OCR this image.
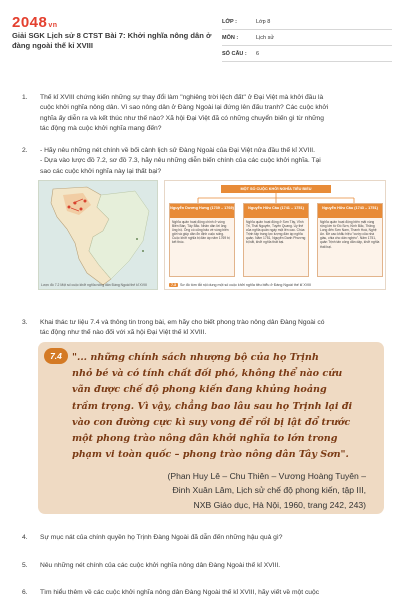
2048vn
Giải SGK Lịch sử 8 CTST Bài 7: Khởi nghĩa nông dân ở đàng ngoài thế kỉ XVIII
LỚP :	Lớp 8
MÔN :	Lịch sử
SỐ CÂU :	6
1. Thế kỉ XVIII chứng kiến những sự thay đổi làm "nghiêng trời lệch đất" ở Đại Việt mà khởi đầu là
cuộc khởi nghĩa nông dân. Vì sao nông dân ở Đàng Ngoài lại đứng lên đấu tranh? Các cuộc khởi
nghĩa ấy diễn ra và kết thúc như thế nào? Xã hội Đại Việt đã có những chuyển biến gì từ những
tác động mà cuộc khởi nghĩa mang đến?
2. - Hãy nêu những nét chính về bối cảnh lịch sử Đàng Ngoài của Đại Việt nửa đầu thế kỉ XVIII.
- Dựa vào lược đồ 7.2, sơ đồ 7.3, hãy nêu những diễn biến chính của các cuộc khởi nghĩa. Tại
sao các cuộc khởi nghĩa này lại thất bại?
Lược đồ 7.2 Một số cuộc khởi nghĩa nông dân Đàng Ngoài thế kỉ XVIII
MỘT SỐ CUỘC KHỞI NGHĨA TIÊU BIỂU
Nguyễn Dương Hưng (1739 – 1769)
Nghĩa quân hoạt động chính ở vùng Biên Bàn, Tây Bắc. Nhân dân lời ủng ủng hộ. Ông có củng bảo về vùng biên giới và giúp dân ổn định cuộc sống. Cuộc khởi nghĩa bị đàn áp năm 1769 bị kết thúc.
Nguyễn Hữu Cầu (1741 – 1751)
Nghĩa quân hoạt động ở Sơn Tây, Vĩnh Tri, Thái Nguyên, Tuyên Quang. Uy thế của nghĩa quân ngày một lên cao. Chúa Trịnh tập trung lực lượng đàn áp nghĩa quân. Năm 1751, Nguyễn Danh Phương bị bắt, khởi nghĩa thất bại.
Nguyễn Hữu Cầu (1743 – 1751)
Nghĩa quân hoạt động biên mặt vùng rộng lớn từ Đồ Sơn, Kinh Bắc, Thăng Long đến Sơn Nam, Thanh Hoá, Nghệ An. Đề cao khẩu hiệu "cướp của nhà giàu, chia cho dân nghèo". Năm 1751, quân Trịnh tấn công dẫn dập, khởi nghĩa thất bại.
7.3 Sơ đồ tóm tắt nội dung một số cuộc khởi nghĩa tiêu biểu ở Đàng Ngoài thế kỉ XVIII
3. Khai thác tư liệu 7.4 và thông tin trong bài, em hãy cho biết phong trào nông dân Đàng Ngoài có
tác động như thế nào đối với xã hội Đại Việt thế kỉ XVIII.
7.4	"... những chính sách nhượng bộ của họ Trịnh
nhỏ bé và có tính chất đối phó, không thể nào cứu
vãn được chế độ phong kiến đang khủng hoảng
trầm trọng. Vì vậy, chẳng bao lâu sau họ Trịnh lại đi
vào con đường cực kì suy vong để rồi bị lật đổ trước
một phong trào nông dân khởi nghĩa to lớn trong
phạm vi toàn quốc – phong trào nông dân Tây Sơn".
(Phan Huy Lê – Chu Thiên – Vương Hoàng Tuyên –
Đinh Xuân Lâm, Lịch sử chế độ phong kiến, tập III,
NXB Giáo dục, Hà Nội, 1960, trang 242, 243)
4. Sự mục nát của chính quyền họ Trịnh Đàng Ngoài đã dẫn đến những hậu quả gì?
5. Nêu những nét chính của các cuộc khởi nghĩa nông dân Đàng Ngoài thế kỉ XVIII.
6. Tìm hiểu thêm về các cuộc khởi nghĩa nông dân Đàng Ngoài thế kỉ XVIII, hãy viết về một cuộc
